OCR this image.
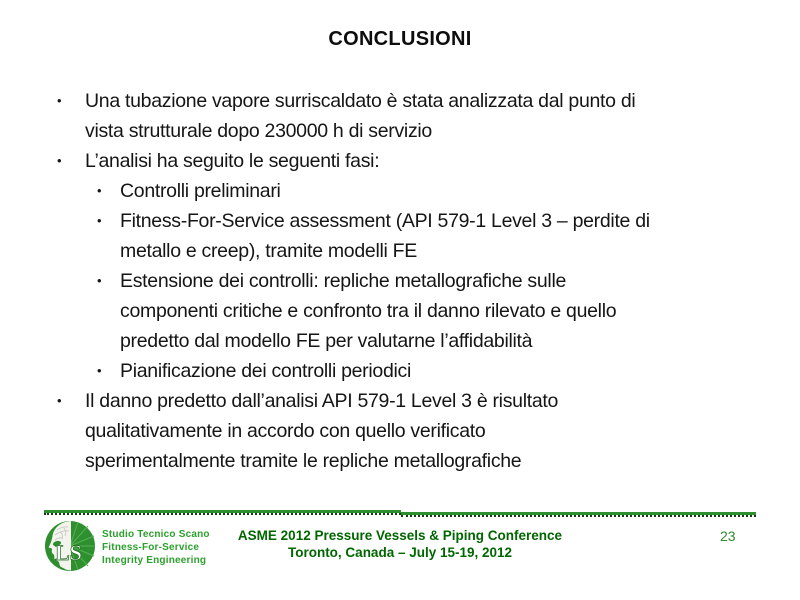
CONCLUSIONI
• Una tubazione vapore surriscaldato è stata analizzata dal punto di
vista strutturale dopo 230000 h di servizio
• L’analisi ha seguito le seguenti fasi:
• Controlli preliminari
• Fitness-For-Service assessment (API 579-1 Level 3 – perdite di
metallo e creep), tramite modelli FE
• Estensione dei controlli: repliche metallografiche sulle
componenti critiche e confronto tra il danno rilevato e quello
predetto dal modello FE per valutarne l’affidabilità
• Pianificazione dei controlli periodici
• Il danno predetto dall’analisi API 579-1 Level 3 è risultato
qualitativamente in accordo con quello verificato
sperimentalmente tramite le repliche metallografiche
LS
Studio Tecnico Scano
Fitness-For-Service
Integrity Engineering
ASME 2012 Pressure Vessels & Piping Conference
Toronto, Canada – July 15-19, 2012
23
